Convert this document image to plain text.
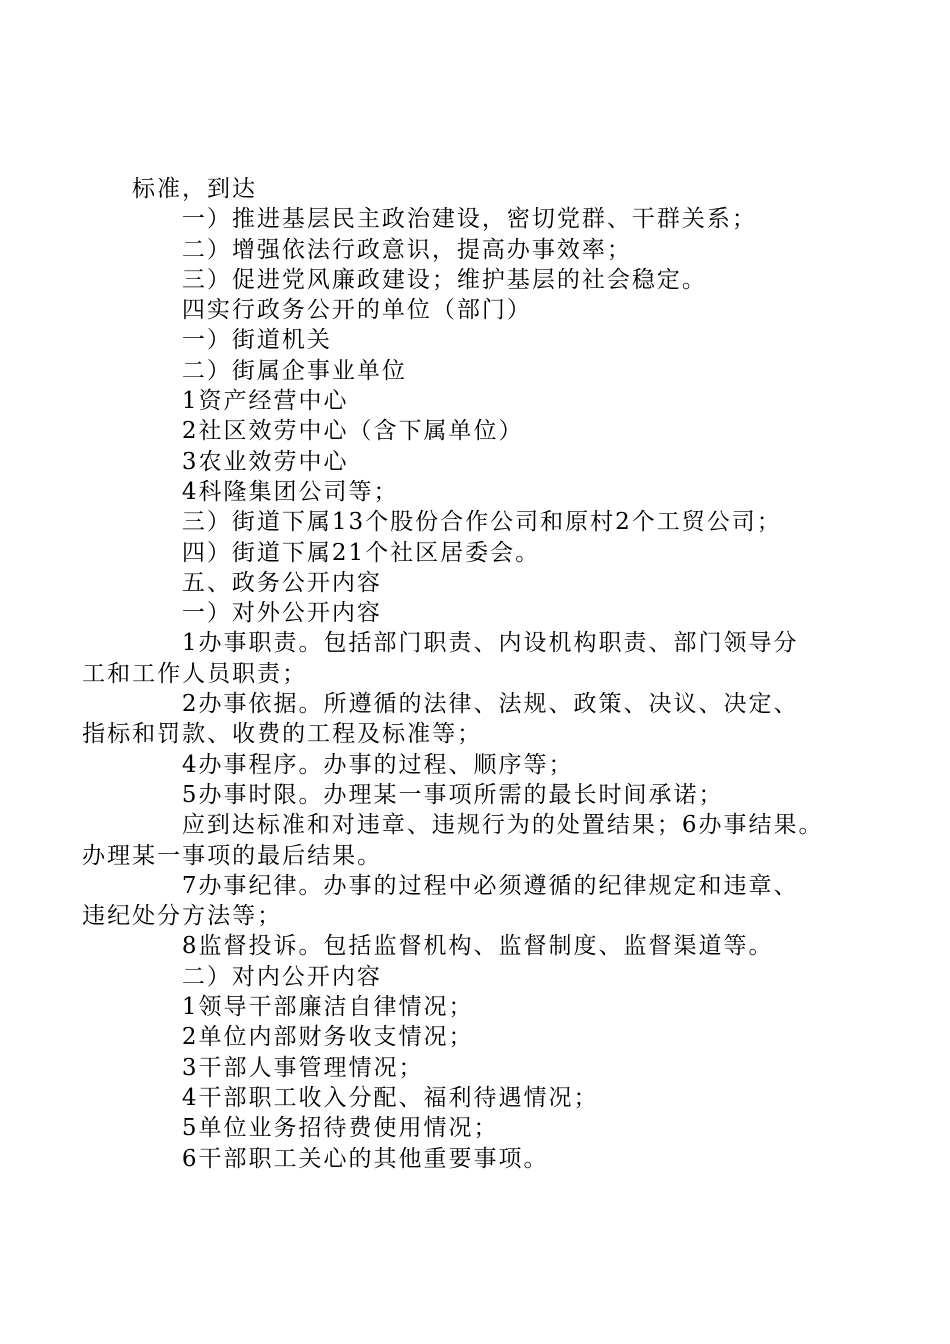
标准，到达

一）推进基层民主政治建设，密切党群、干群关系；

二）增强依法行政意识，提高办事效率；

三）促进党风廉政建设；维护基层的社会稳定。

四实行政务公开的单位（部门）

一）街道机关

二）街属企事业单位

1资产经营中心

2社区效劳中心（含下属单位）

3农业效劳中心

4科隆集团公司等；

三）街道下属13个股份合作公司和原村2个工贸公司；

四）街道下属21个社区居委会。

五、政务公开内容

一）对外公开内容

1办事职责。包括部门职责、内设机构职责、部门领导分
工和工作人员职责；

2办事依据。所遵循的法律、法规、政策、决议、决定、
指标和罚款、收费的工程及标准等；

4办事程序。办事的过程、顺序等；

5办事时限。办理某一事项所需的最长时间承诺；

应到达标准和对违章、违规行为的处置结果；6办事结果。
办理某一事项的最后结果。

7办事纪律。办事的过程中必须遵循的纪律规定和违章、
违纪处分方法等；

8监督投诉。包括监督机构、监督制度、监督渠道等。

二）对内公开内容

1领导干部廉洁自律情况；

2单位内部财务收支情况；

3干部人事管理情况；

4干部职工收入分配、福利待遇情况；

5单位业务招待费使用情况；

6干部职工关心的其他重要事项。
